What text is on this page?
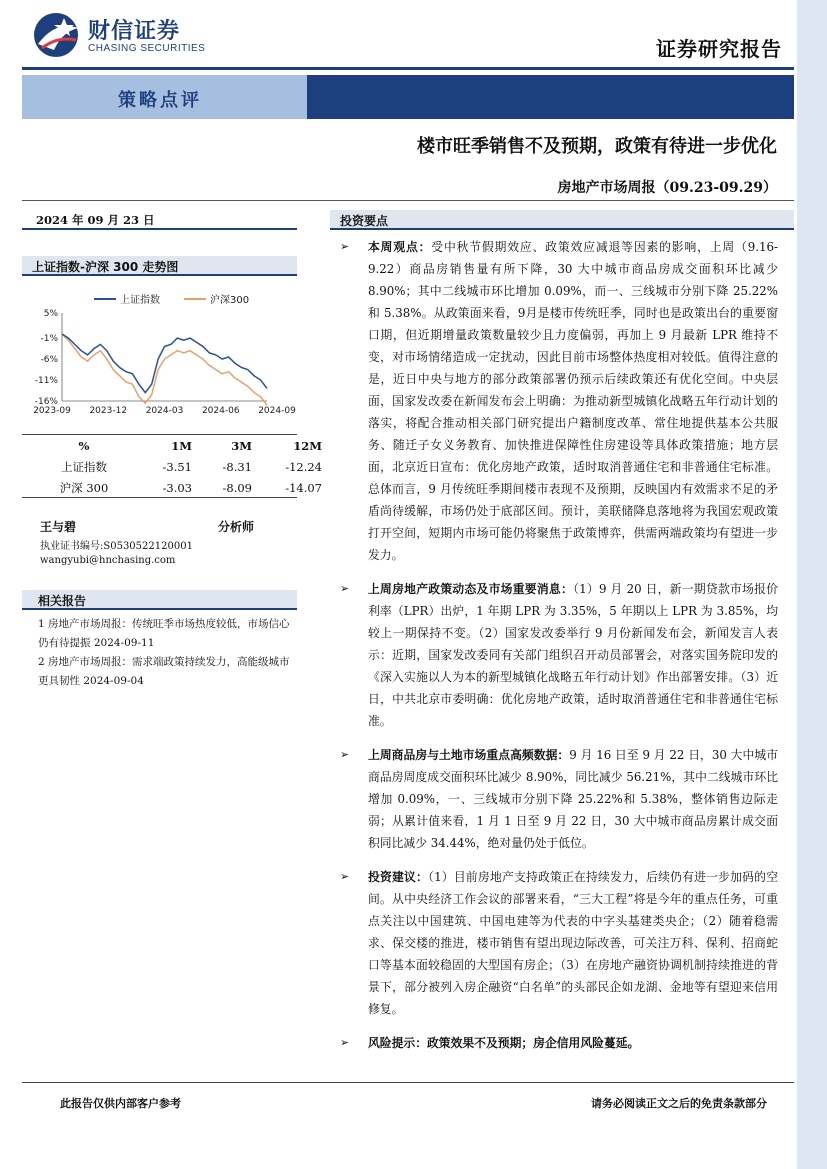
财信证券
CHASING SECURITIES	证券研究报告
策略点评
楼市旺季销售不及预期，政策有待进一步优化
房地产市场周报（09.23-09.29）
2024 年 09 月 23 日
上证指数-沪深 300 走势图
5%
-1%
-6%
-11%
-16%
2023-09 2023-12 2024-03 2024-06 2024-09
上证指数	沪深300
%	1M	3M	12M
上证指数	-3.51	-8.31	-12.24
沪深 300	-3.03	-8.09	-14.07
王与碧	分析师
执业证书编号:S0530522120001
wangyubi@hnchasing.com
相关报告
1 房地产市场周报：传统旺季市场热度较低，市场信心仍有待提振 2024-09-11
2 房地产市场周报：需求端政策持续发力，高能级城市更具韧性 2024-09-04
投资要点
➢ 本周观点：受中秋节假期效应、政策效应减退等因素的影响，上周（9.16-9.22）商品房销售量有所下降，30 大中城市商品房成交面积环比减少 8.90%；其中二线城市环比增加 0.09%，而一、三线城市分别下降 25.22%和 5.38%。从政策面来看，9月是楼市传统旺季，同时也是政策出台的重要窗口期，但近期增量政策数量较少且力度偏弱，再加上 9 月最新 LPR 维持不变，对市场情绪造成一定扰动，因此目前市场整体热度相对较低。值得注意的是，近日中央与地方的部分政策部署仍预示后续政策还有优化空间。中央层面，国家发改委在新闻发布会上明确：为推动新型城镇化战略五年行动计划的落实，将配合推动相关部门研究提出户籍制度改革、常住地提供基本公共服务、随迁子女义务教育、加快推进保障性住房建设等具体政策措施；地方层面，北京近日宣布：优化房地产政策，适时取消普通住宅和非普通住宅标准。总体而言，9 月传统旺季期间楼市表现不及预期，反映国内有效需求不足的矛盾尚待缓解，市场仍处于底部区间。预计，美联储降息落地将为我国宏观政策打开空间，短期内市场可能仍将聚焦于政策博弈，供需两端政策均有望进一步发力。
➢ 上周房地产政策动态及市场重要消息：（1）9 月 20 日，新一期贷款市场报价利率（LPR）出炉，1 年期 LPR 为 3.35%，5 年期以上 LPR 为 3.85%，均较上一期保持不变。（2）国家发改委举行 9 月份新闻发布会，新闻发言人表示：近期，国家发改委同有关部门组织召开动员部署会，对落实国务院印发的《深入实施以人为本的新型城镇化战略五年行动计划》作出部署安排。（3）近日，中共北京市委明确：优化房地产政策，适时取消普通住宅和非普通住宅标准。
➢ 上周商品房与土地市场重点高频数据：9 月 16 日至 9 月 22 日，30 大中城市商品房周度成交面积环比减少 8.90%，同比减少 56.21%，其中二线城市环比增加 0.09%，一、三线城市分别下降 25.22%和 5.38%，整体销售边际走弱；从累计值来看，1 月 1 日至 9 月 22 日，30 大中城市商品房累计成交面积同比减少 34.44%，绝对量仍处于低位。
➢ 投资建议：（1）目前房地产支持政策正在持续发力，后续仍有进一步加码的空间。从中央经济工作会议的部署来看，“三大工程”将是今年的重点任务，可重点关注以中国建筑、中国电建等为代表的中字头基建类央企；（2）随着稳需求、保交楼的推进，楼市销售有望出现边际改善，可关注万科、保利、招商蛇口等基本面较稳固的大型国有房企；（3）在房地产融资协调机制持续推进的背景下，部分被列入房企融资“白名单”的头部民企如龙湖、金地等有望迎来信用修复。
➢ 风险提示：政策效果不及预期；房企信用风险蔓延。
此报告仅供内部客户参考	请务必阅读正文之后的免责条款部分
